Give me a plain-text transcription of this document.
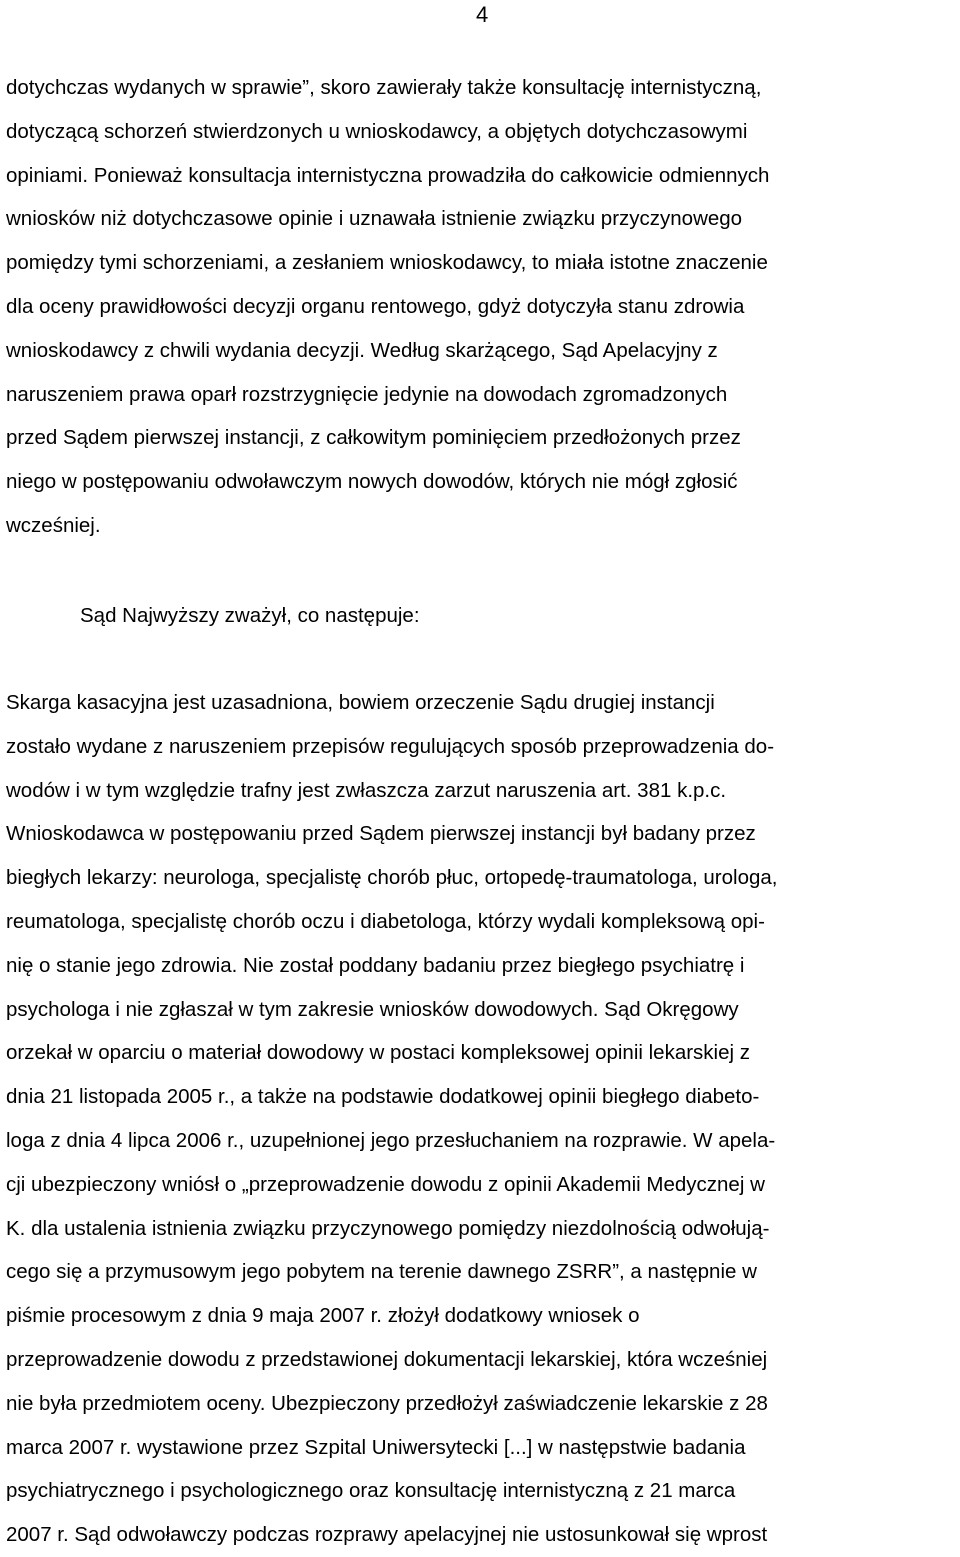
4

dotychczas wydanych w sprawie”, skoro zawierały także konsultację internistyczną,
dotyczącą schorzeń stwierdzonych u wnioskodawcy, a objętych dotychczasowymi
opiniami. Ponieważ konsultacja internistyczna prowadziła do całkowicie odmiennych
wniosków niż dotychczasowe opinie i uznawała istnienie związku przyczynowego
pomiędzy tymi schorzeniami, a zesłaniem wnioskodawcy, to miała istotne znaczenie
dla oceny prawidłowości decyzji organu rentowego, gdyż dotyczyła stanu zdrowia
wnioskodawcy z chwili wydania decyzji. Według skarżącego, Sąd Apelacyjny z
naruszeniem prawa oparł rozstrzygnięcie jedynie na dowodach zgromadzonych
przed Sądem pierwszej instancji, z całkowitym pominięciem przedłożonych przez
niego w postępowaniu odwoławczym nowych dowodów, których nie mógł zgłosić
wcześniej.

Sąd Najwyższy zważył, co następuje:

Skarga kasacyjna jest uzasadniona, bowiem orzeczenie Sądu drugiej instancji
zostało wydane z naruszeniem przepisów regulujących sposób przeprowadzenia do-
wodów i w tym względzie trafny jest zwłaszcza zarzut naruszenia art. 381 k.p.c.
Wnioskodawca w postępowaniu przed Sądem pierwszej instancji był badany przez
biegłych lekarzy: neurologa, specjalistę chorób płuc, ortopedę-traumatologa, urologa,
reumatologa, specjalistę chorób oczu i diabetologa, którzy wydali kompleksową opi-
nię o stanie jego zdrowia. Nie został poddany badaniu przez biegłego psychiatrę i
psychologa i nie zgłaszał w tym zakresie wniosków dowodowych. Sąd Okręgowy
orzekał w oparciu o materiał dowodowy w postaci kompleksowej opinii lekarskiej z
dnia 21 listopada 2005 r., a także na podstawie dodatkowej opinii biegłego diabeto-
loga z dnia 4 lipca 2006 r., uzupełnionej jego przesłuchaniem na rozprawie. W apela-
cji ubezpieczony wniósł o „przeprowadzenie dowodu z opinii Akademii Medycznej w
K. dla ustalenia istnienia związku przyczynowego pomiędzy niezdolnością odwołują-
cego się a przymusowym jego pobytem na terenie dawnego ZSRR”, a następnie w
piśmie procesowym z dnia 9 maja 2007 r. złożył dodatkowy wniosek o
przeprowadzenie dowodu z przedstawionej dokumentacji lekarskiej, która wcześniej
nie była przedmiotem oceny. Ubezpieczony przedłożył zaświadczenie lekarskie z 28
marca 2007 r. wystawione przez Szpital Uniwersytecki [...] w następstwie badania
psychiatrycznego i psychologicznego oraz konsultację internistyczną z 21 marca
2007 r. Sąd odwoławczy podczas rozprawy apelacyjnej nie ustosunkował się wprost
